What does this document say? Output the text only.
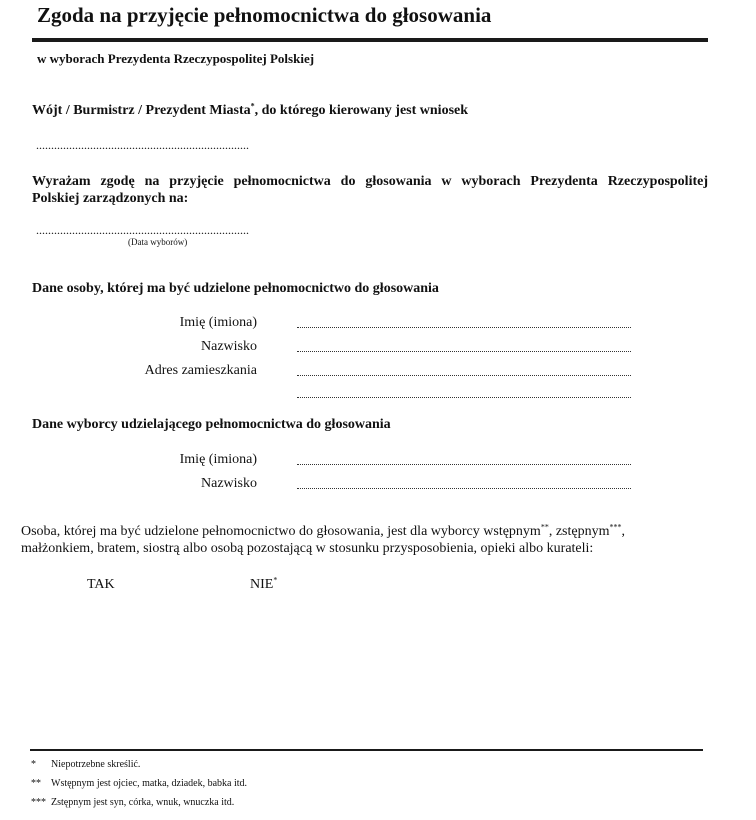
Zgoda na przyjęcie pełnomocnictwa do głosowania
w wyborach Prezydenta Rzeczypospolitej Polskiej
Wójt / Burmistrz / Prezydent Miasta*, do którego kierowany jest wniosek
.......................................................................
Wyrażam zgodę na przyjęcie pełnomocnictwa do głosowania w wyborach Prezydenta Rzeczypospolitej
Polskiej zarządzonych na:
.......................................................................
(Data wyborów)
Dane osoby, której ma być udzielone pełnomocnictwo do głosowania
Imię (imiona)
Nazwisko
Adres zamieszkania
Dane wyborcy udzielającego pełnomocnictwa do głosowania
Imię (imiona)
Nazwisko
Osoba, której ma być udzielone pełnomocnictwo do głosowania, jest dla wyborcy wstępnym**, zstępnym***,
małżonkiem, bratem, siostrą albo osobą pozostającą w stosunku przysposobienia, opieki albo kurateli:
TAK	NIE*
* Niepotrzebne skreślić.
** Wstępnym jest ojciec, matka, dziadek, babka itd.
*** Zstępnym jest syn, córka, wnuk, wnuczka itd.
